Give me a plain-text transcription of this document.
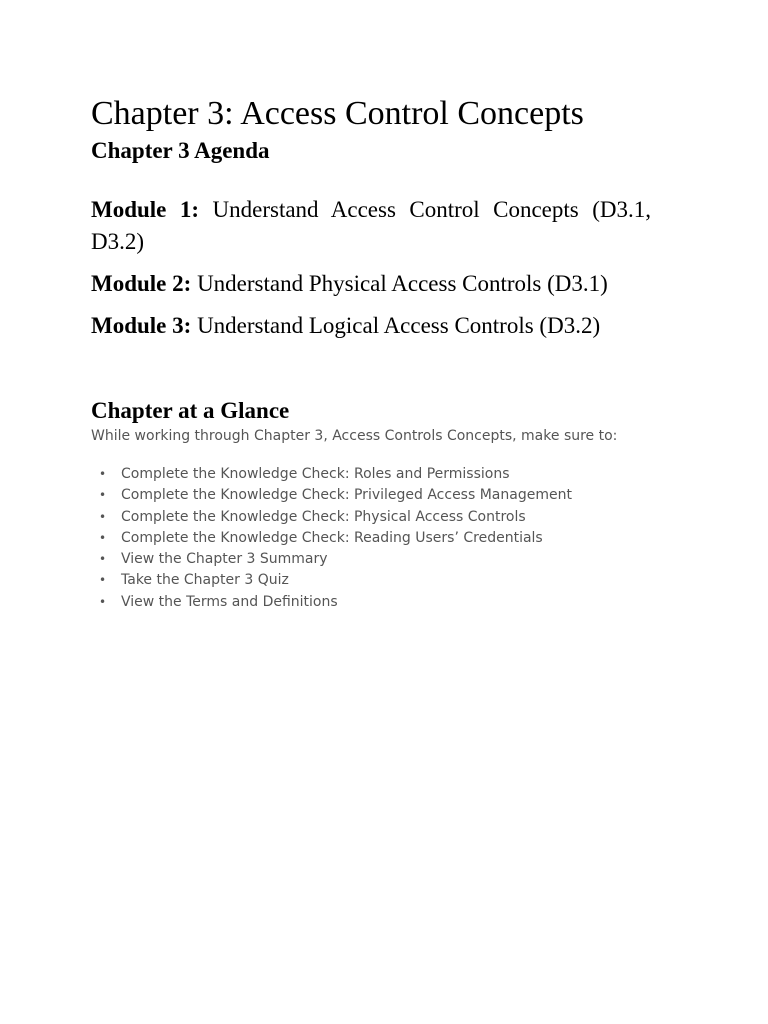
Chapter 3: Access Control Concepts
Chapter 3 Agenda

Module 1: Understand Access Control Concepts (D3.1, D3.2)

Module 2: Understand Physical Access Controls (D3.1)

Module 3: Understand Logical Access Controls (D3.2)

Chapter at a Glance

While working through Chapter 3, Access Controls Concepts, make sure to:

• Complete the Knowledge Check: Roles and Permissions
• Complete the Knowledge Check: Privileged Access Management
• Complete the Knowledge Check: Physical Access Controls
• Complete the Knowledge Check: Reading Users’ Credentials
• View the Chapter 3 Summary
• Take the Chapter 3 Quiz
• View the Terms and Definitions
